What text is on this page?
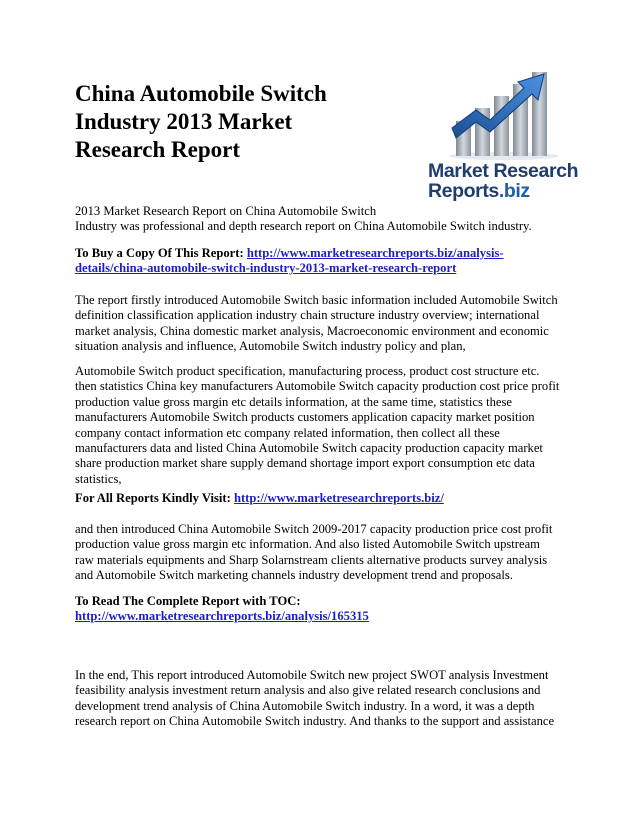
China Automobile Switch
Industry 2013 Market
Research Report
Market Research
Reports.biz

2013 Market Research Report on China Automobile Switch
Industry was professional and depth research report on China Automobile Switch industry.

To Buy a Copy Of This Report: http://www.marketresearchreports.biz/analysis-
details/china-automobile-switch-industry-2013-market-research-report

The report firstly introduced Automobile Switch basic information included Automobile Switch
definition classification application industry chain structure industry overview; international
market analysis, China domestic market analysis, Macroeconomic environment and economic
situation analysis and influence, Automobile Switch industry policy and plan,

Automobile Switch product specification, manufacturing process, product cost structure etc.
then statistics China key manufacturers Automobile Switch capacity production cost price profit
production value gross margin etc details information, at the same time, statistics these
manufacturers Automobile Switch products customers application capacity market position
company contact information etc company related information, then collect all these
manufacturers data and listed China Automobile Switch capacity production capacity market
share production market share supply demand shortage import export consumption etc data
statistics,

For All Reports Kindly Visit: http://www.marketresearchreports.biz/

and then introduced China Automobile Switch 2009-2017 capacity production price cost profit
production value gross margin etc information. And also listed Automobile Switch upstream
raw materials equipments and Sharp Solarnstream clients alternative products survey analysis
and Automobile Switch marketing channels industry development trend and proposals.

To Read The Complete Report with TOC:
http://www.marketresearchreports.biz/analysis/165315

In the end, This report introduced Automobile Switch new project SWOT analysis Investment
feasibility analysis investment return analysis and also give related research conclusions and
development trend analysis of China Automobile Switch industry. In a word, it was a depth
research report on China Automobile Switch industry. And thanks to the support and assistance
